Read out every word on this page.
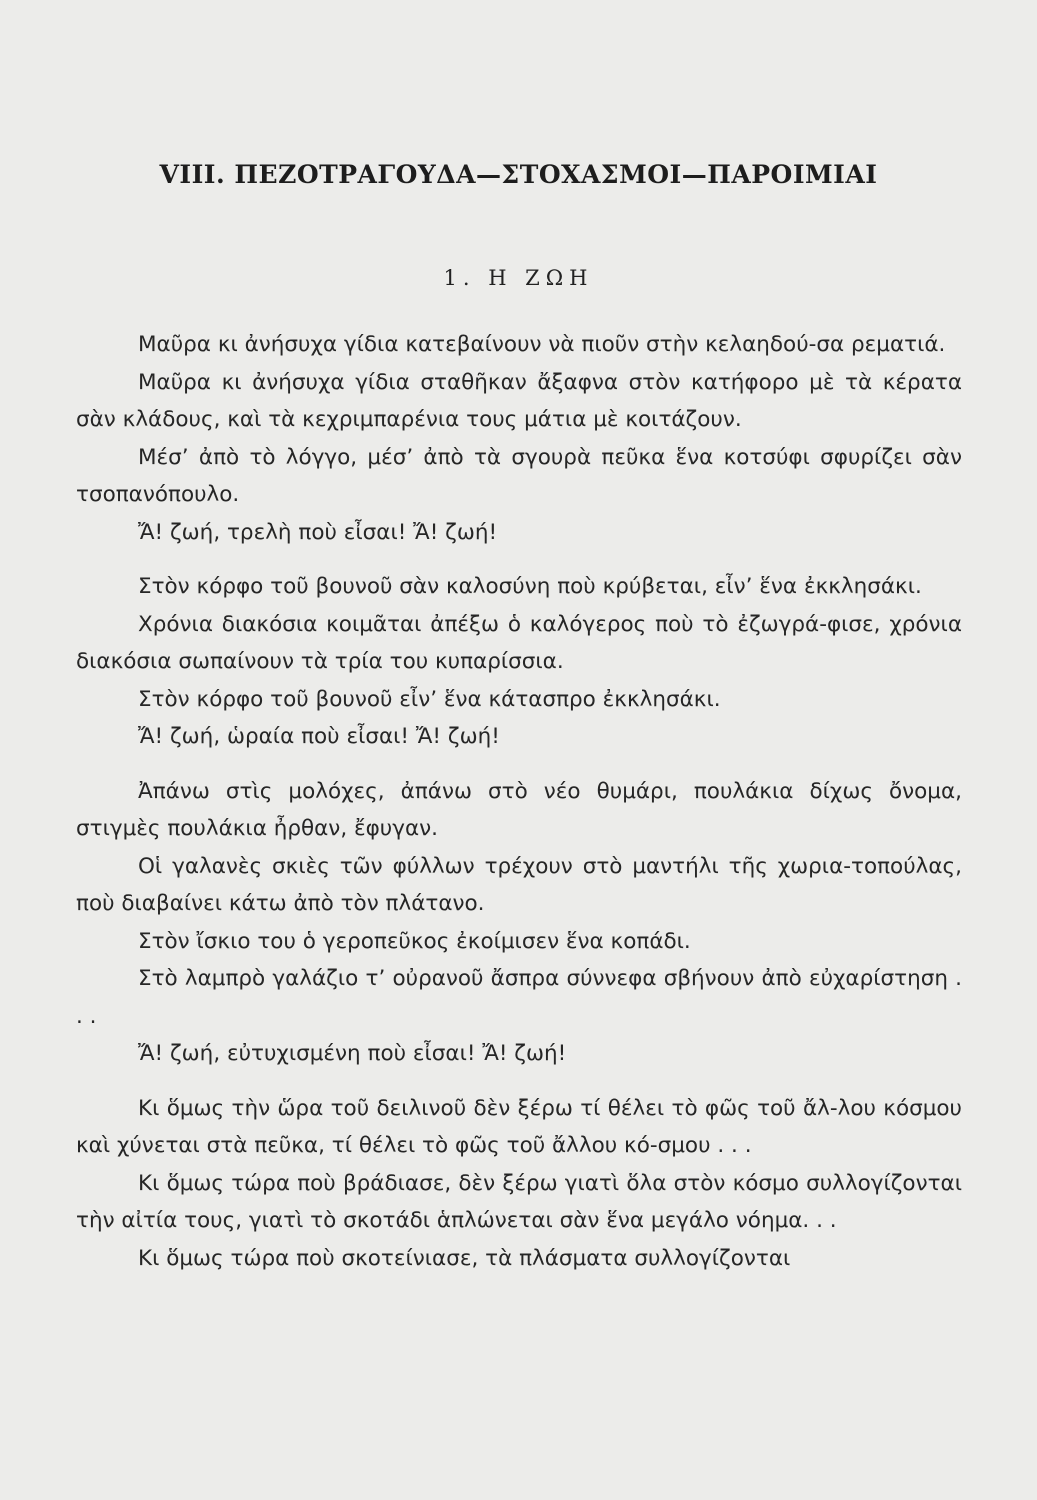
VIII. ΠΕΖΟΤΡΑΓΟΥΔΑ—ΣΤΟΧΑΣΜΟΙ—ΠΑΡΟΙΜΙΑΙ
1. Η ΖΩΗ

Μαῦρα κι ἀνήσυχα γίδια κατεβαίνουν νὰ πιοῦν στὴν κελαηδού-σα ρεματιά.

Μαῦρα κι ἀνήσυχα γίδια σταθῆκαν ἄξαφνα στὸν κατήφορο μὲ τὰ κέρατα σὰν κλάδους, καὶ τὰ κεχριμπαρένια τους μάτια μὲ κοιτάζουν.

Μέσ’ ἀπὸ τὸ λόγγο, μέσ’ ἀπὸ τὰ σγουρὰ πεῦκα ἕνα κοτσύφι σφυρίζει σὰν τσοπανόπουλο.

Ἄ! ζωή, τρελὴ ποὺ εἶσαι! Ἄ! ζωή!

Στὸν κόρφο τοῦ βουνοῦ σὰν καλοσύνη ποὺ κρύβεται, εἶν’ ἕνα ἐκκλησάκι.

Χρόνια διακόσια κοιμᾶται ἀπέξω ὁ καλόγερος ποὺ τὸ ἐζωγρά-φισε, χρόνια διακόσια σωπαίνουν τὰ τρία του κυπαρίσσια.

Στὸν κόρφο τοῦ βουνοῦ εἶν’ ἕνα κάτασπρο ἐκκλησάκι.

Ἄ! ζωή, ὡραία ποὺ εἶσαι! Ἄ! ζωή!

Ἀπάνω στὶς μολόχες, ἀπάνω στὸ νέο θυμάρι, πουλάκια δίχως ὄνομα, στιγμὲς πουλάκια ἦρθαν, ἔφυγαν.

Οἱ γαλανὲς σκιὲς τῶν φύλλων τρέχουν στὸ μαντήλι τῆς χωρια-τοπούλας, ποὺ διαβαίνει κάτω ἀπὸ τὸν πλάτανο.

Στὸν ἴσκιο του ὁ γεροπεῦκος ἐκοίμισεν ἕνα κοπάδι.

Στὸ λαμπρὸ γαλάζιο τ’ οὐρανοῦ ἄσπρα σύννεφα σβήνουν ἀπὸ εὐχαρίστηση . . .

Ἄ! ζωή, εὐτυχισμένη ποὺ εἶσαι! Ἄ! ζωή!

Κι ὅμως τὴν ὥρα τοῦ δειλινοῦ δὲν ξέρω τί θέλει τὸ φῶς τοῦ ἄλ-λου κόσμου καὶ χύνεται στὰ πεῦκα, τί θέλει τὸ φῶς τοῦ ἄλλου κό-σμου . . .

Κι ὅμως τώρα ποὺ βράδιασε, δὲν ξέρω γιατὶ ὅλα στὸν κόσμο συλλογίζονται τὴν αἰτία τους, γιατὶ τὸ σκοτάδι ἁπλώνεται σὰν ἕνα μεγάλο νόημα. . .

Κι ὅμως τώρα ποὺ σκοτείνιασε, τὰ πλάσματα συλλογίζονται
